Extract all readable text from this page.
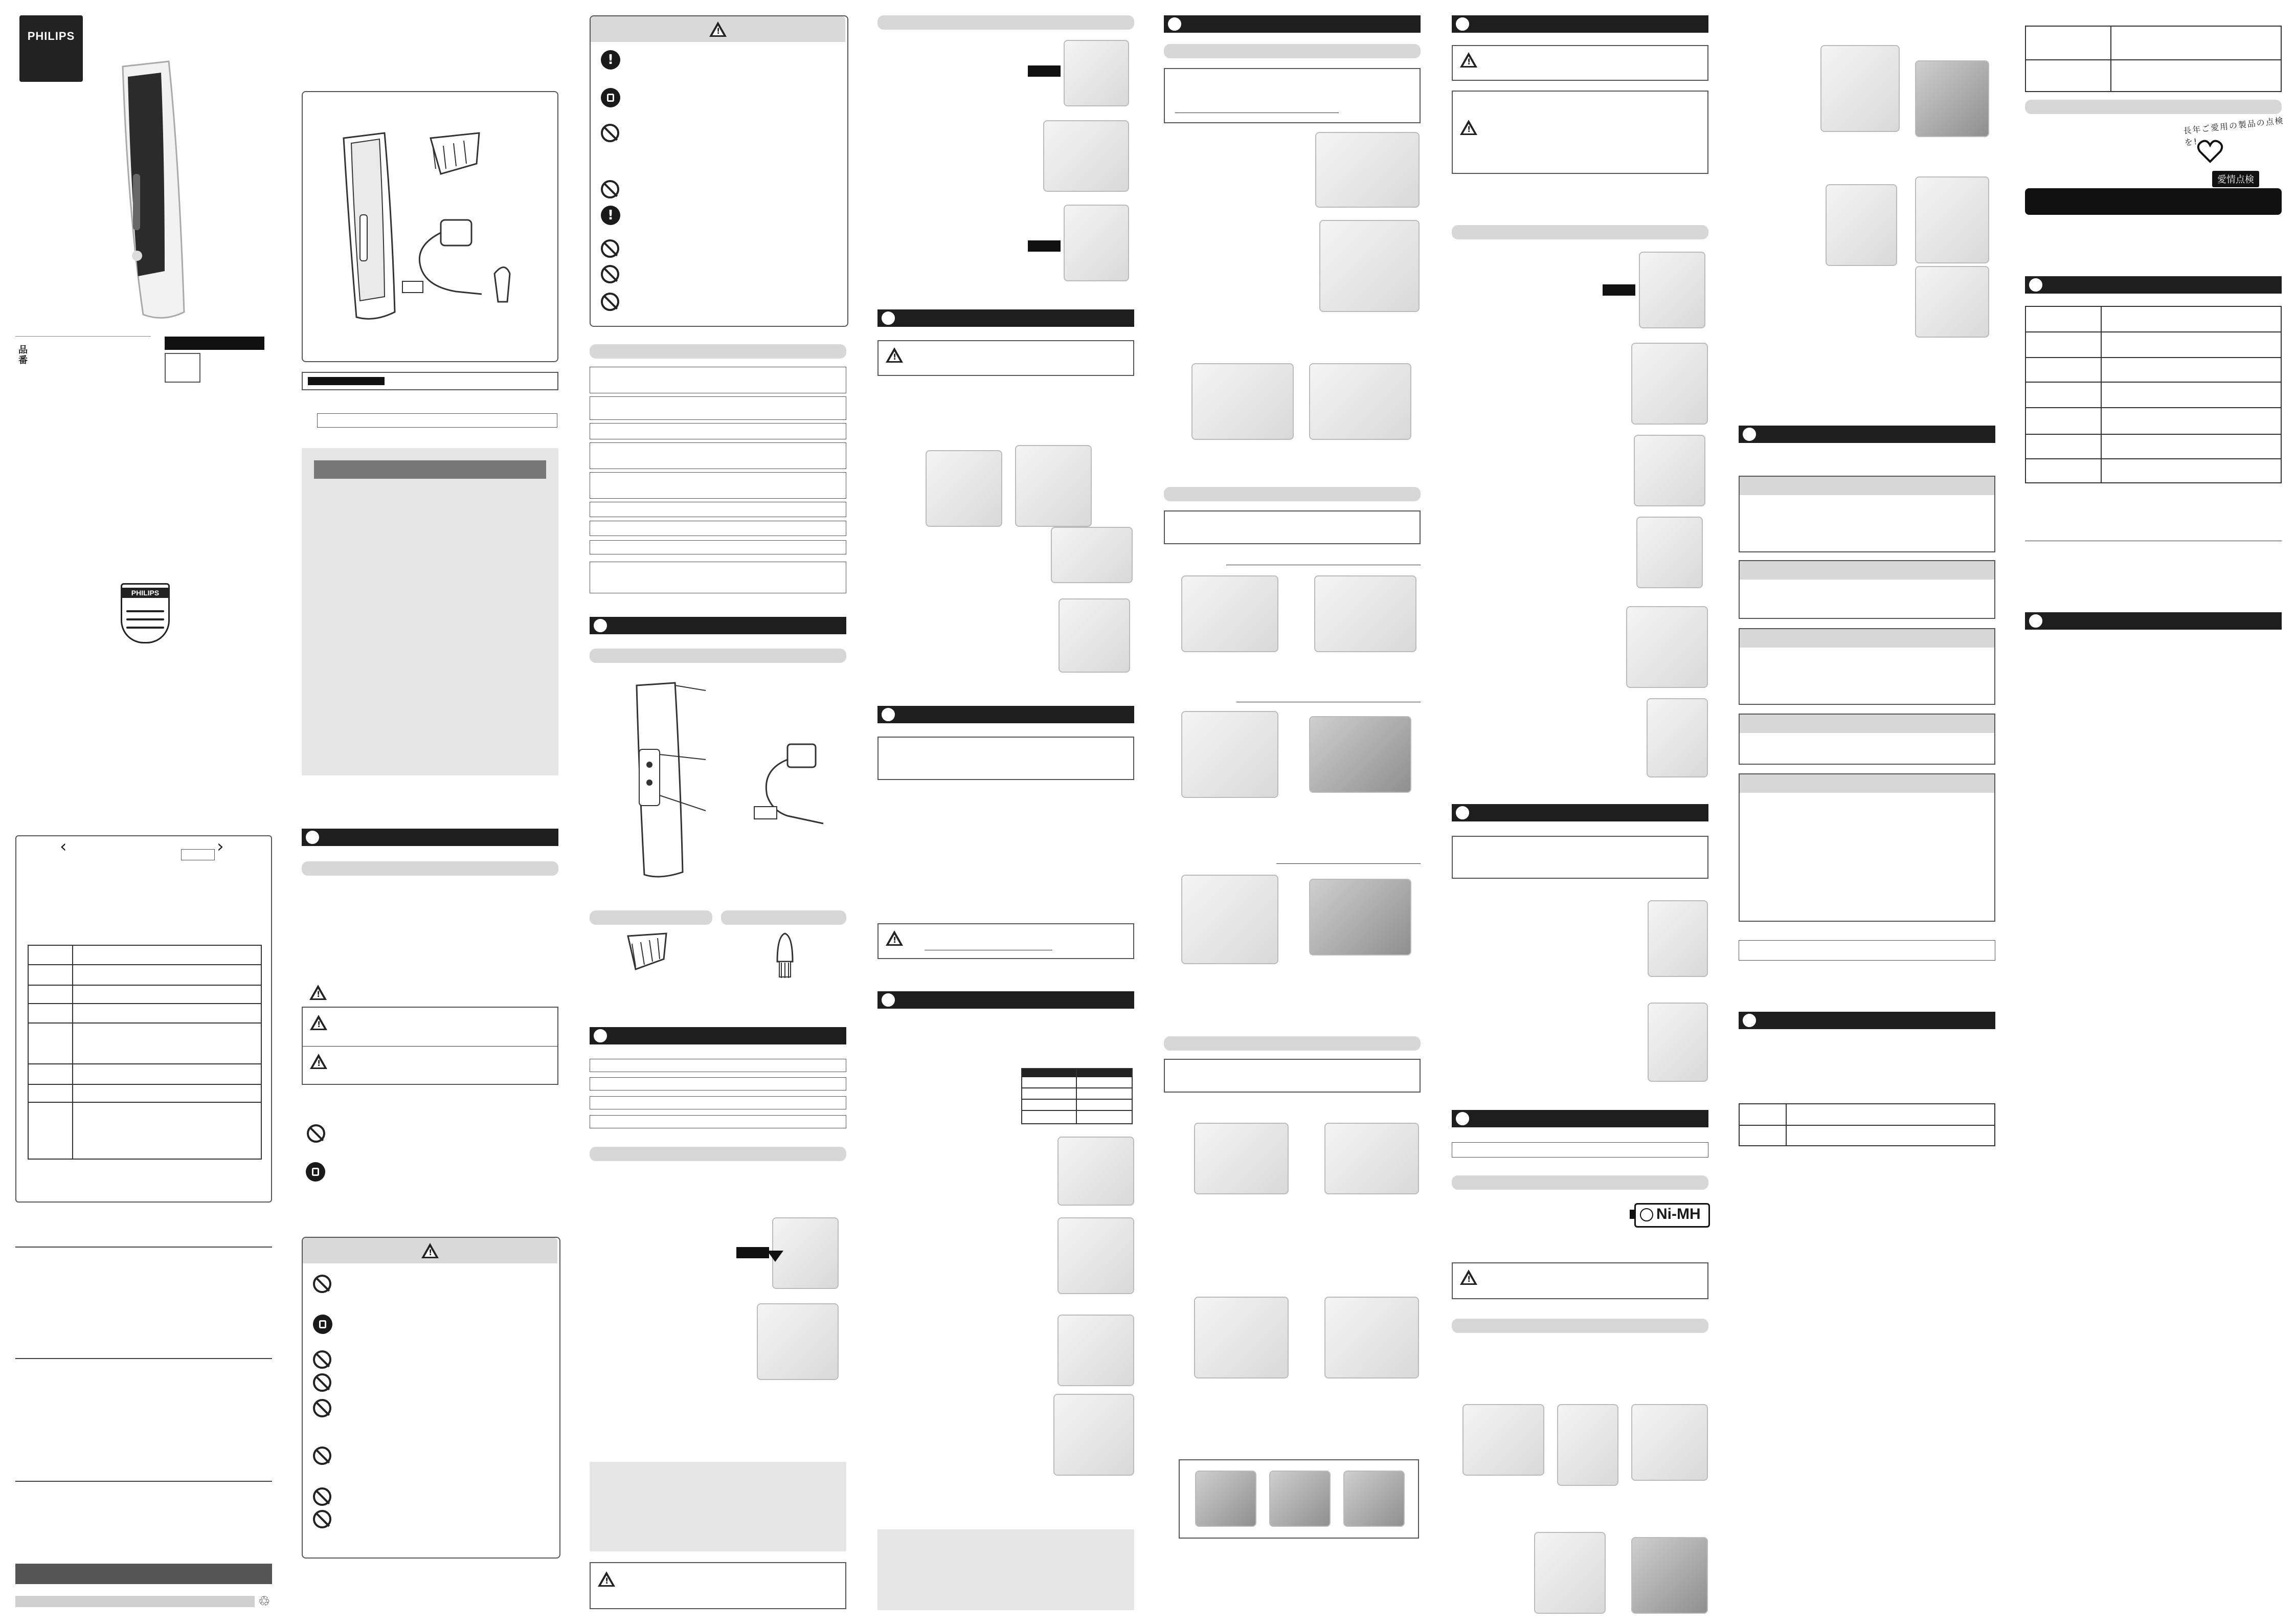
PHILIPS
品
番
PHILIPS
‹	›
♲
!
!
!
!
!
!
!
!
!
!
!
!
Ni-MH
!
長年ご愛用の製品の点検を!
愛情点検
